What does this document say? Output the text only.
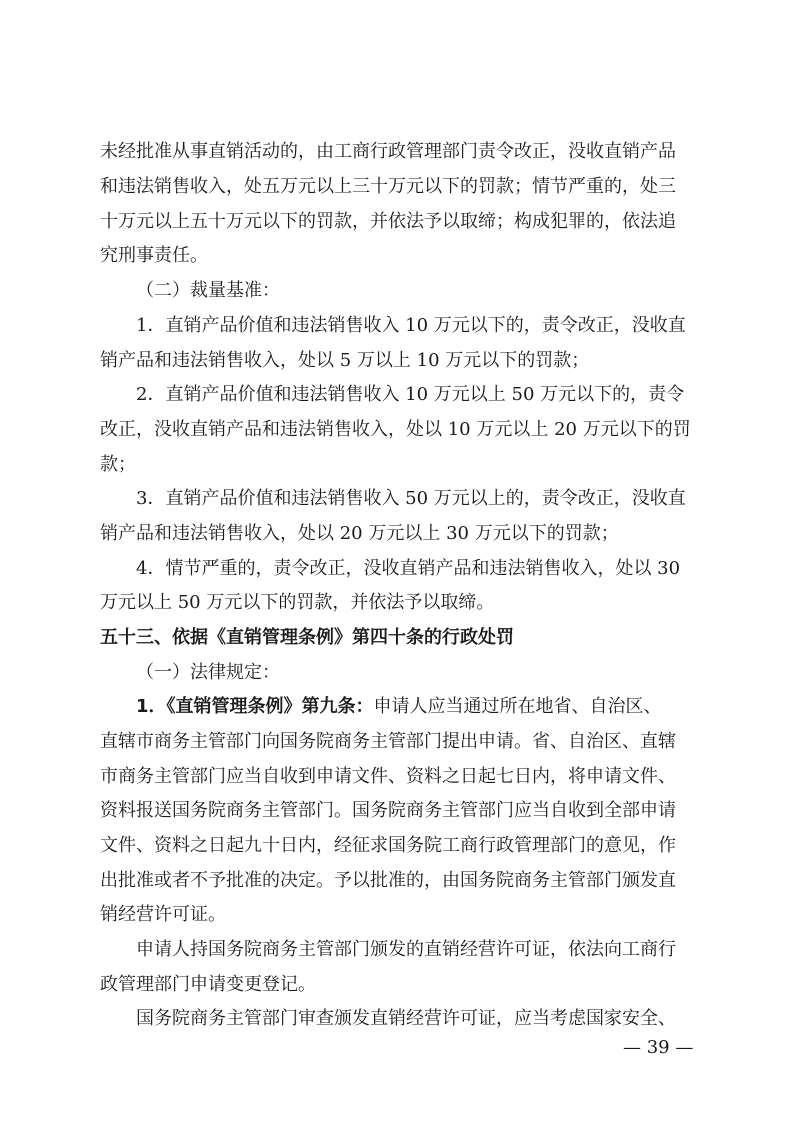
未经批准从事直销活动的，由工商行政管理部门责令改正，没收直销产品
和违法销售收入，处五万元以上三十万元以下的罚款；情节严重的，处三
十万元以上五十万元以下的罚款，并依法予以取缔；构成犯罪的，依法追
究刑事责任。
（二）裁量基准：
1．直销产品价值和违法销售收入 10 万元以下的，责令改正，没收直
销产品和违法销售收入，处以 5 万以上 10 万元以下的罚款；
2．直销产品价值和违法销售收入 10 万元以上 50 万元以下的，责令
改正，没收直销产品和违法销售收入，处以 10 万元以上 20 万元以下的罚
款；
3．直销产品价值和违法销售收入 50 万元以上的，责令改正，没收直
销产品和违法销售收入，处以 20 万元以上 30 万元以下的罚款；
4．情节严重的，责令改正，没收直销产品和违法销售收入，处以 30
万元以上 50 万元以下的罚款，并依法予以取缔。
五十三、依据《直销管理条例》第四十条的行政处罚
（一）法律规定：
1．《直销管理条例》第九条：申请人应当通过所在地省、自治区、
直辖市商务主管部门向国务院商务主管部门提出申请。省、自治区、直辖
市商务主管部门应当自收到申请文件、资料之日起七日内，将申请文件、
资料报送国务院商务主管部门。国务院商务主管部门应当自收到全部申请
文件、资料之日起九十日内，经征求国务院工商行政管理部门的意见，作
出批准或者不予批准的决定。予以批准的，由国务院商务主管部门颁发直
销经营许可证。
申请人持国务院商务主管部门颁发的直销经营许可证，依法向工商行
政管理部门申请变更登记。
国务院商务主管部门审查颁发直销经营许可证，应当考虑国家安全、
— 39 —
